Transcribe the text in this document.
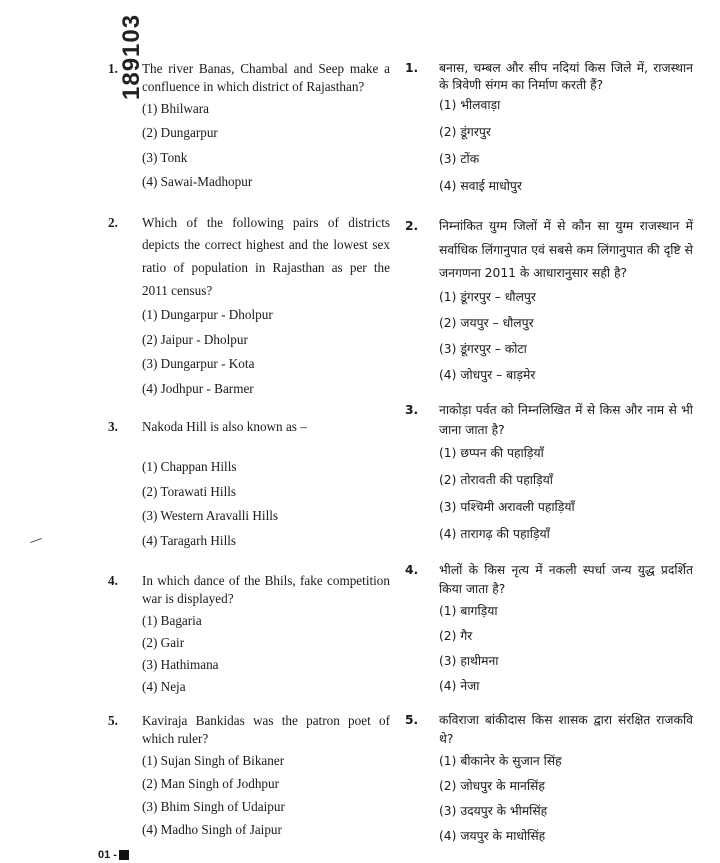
189103
1. The river Banas, Chambal and Seep make a confluence in which district of Rajasthan?
(1) Bhilwara
(2) Dungarpur
(3) Tonk
(4) Sawai-Madhopur
2. Which of the following pairs of districts depicts the correct highest and the lowest sex ratio of population in Rajasthan as per the 2011 census?
(1) Dungarpur - Dholpur
(2) Jaipur - Dholpur
(3) Dungarpur - Kota
(4) Jodhpur - Barmer
3. Nakoda Hill is also known as –
(1) Chappan Hills
(2) Torawati Hills
(3) Western Aravalli Hills
(4) Taragarh Hills
4. In which dance of the Bhils, fake competition war is displayed?
(1) Bagaria
(2) Gair
(3) Hathimana
(4) Neja
5. Kaviraja Bankidas was the patron poet of which ruler?
(1) Sujan Singh of Bikaner
(2) Man Singh of Jodhpur
(3) Bhim Singh of Udaipur
(4) Madho Singh of Jaipur
1. बनास, चम्बल और सीप नदियां किस जिले में, राजस्थान के त्रिवेणी संगम का निर्माण करती हैं?
(1) भीलवाड़ा
(2) डूंगरपुर
(3) टोंक
(4) सवाई माधोपुर
2. निम्नांकित युग्म जिलों में से कौन सा युग्म राजस्थान में सर्वाधिक लिंगानुपात एवं सबसे कम लिंगानुपात की दृष्टि से जनगणना 2011 के आधारानुसार सही है?
(1) डूंगरपुर – धौलपुर
(2) जयपुर – धौलपुर
(3) डूंगरपुर – कोटा
(4) जोधपुर – बाड़मेर
3. नाकोड़ा पर्वत को निम्नलिखित में से किस और नाम से भी जाना जाता है?
(1) छप्पन की पहाड़ियाँ
(2) तोरावती की पहाड़ियाँ
(3) पश्चिमी अरावली पहाड़ियाँ
(4) तारागढ़ की पहाड़ियाँ
4. भीलों के किस नृत्य में नकली स्पर्धा जन्य युद्ध प्रदर्शित किया जाता है?
(1) बागड़िया
(2) गैर
(3) हाथीमना
(4) नेजा
5. कविराजा बांकीदास किस शासक द्वारा संरक्षित राजकवि थे?
(1) बीकानेर के सुजान सिंह
(2) जोधपुर के मानसिंह
(3) उदयपुर के भीमसिंह
(4) जयपुर के माधोसिंह
01 -
